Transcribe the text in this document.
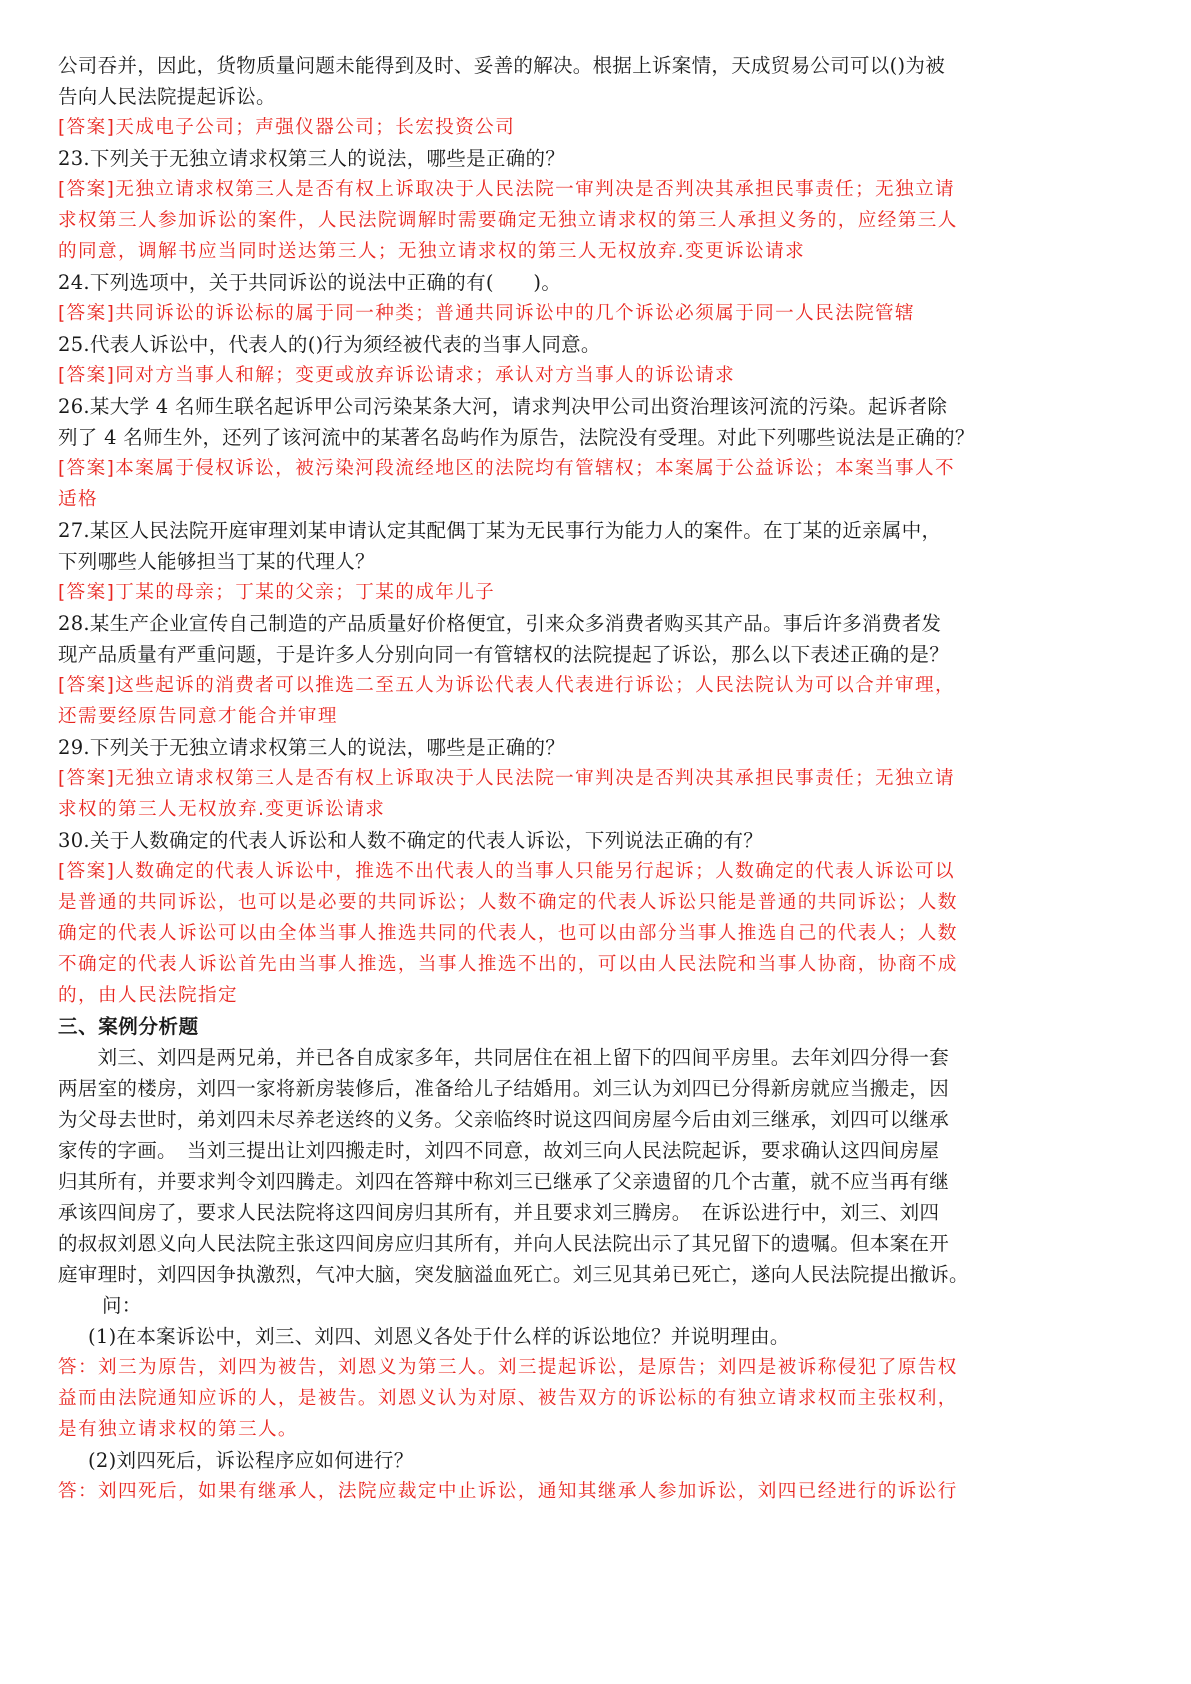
公司吞并，因此，货物质量问题未能得到及时、妥善的解决。根据上诉案情，天成贸易公司可以()为被
告向人民法院提起诉讼。
[答案]天成电子公司；声强仪器公司；长宏投资公司
23.下列关于无独立请求权第三人的说法，哪些是正确的？
[答案]无独立请求权第三人是否有权上诉取决于人民法院一审判决是否判决其承担民事责任；无独立请
求权第三人参加诉讼的案件，人民法院调解时需要确定无独立请求权的第三人承担义务的，应经第三人
的同意，调解书应当同时送达第三人；无独立请求权的第三人无权放弃.变更诉讼请求
24.下列选项中，关于共同诉讼的说法中正确的有(　　)。
[答案]共同诉讼的诉讼标的属于同一种类；普通共同诉讼中的几个诉讼必须属于同一人民法院管辖
25.代表人诉讼中，代表人的()行为须经被代表的当事人同意。
[答案]同对方当事人和解；变更或放弃诉讼请求；承认对方当事人的诉讼请求
26.某大学 4 名师生联名起诉甲公司污染某条大河，请求判决甲公司出资治理该河流的污染。起诉者除
列了 4 名师生外，还列了该河流中的某著名岛屿作为原告，法院没有受理。对此下列哪些说法是正确的？
[答案]本案属于侵权诉讼，被污染河段流经地区的法院均有管辖权；本案属于公益诉讼；本案当事人不
适格
27.某区人民法院开庭审理刘某申请认定其配偶丁某为无民事行为能力人的案件。在丁某的近亲属中，
下列哪些人能够担当丁某的代理人？
[答案]丁某的母亲；丁某的父亲；丁某的成年儿子
28.某生产企业宣传自己制造的产品质量好价格便宜，引来众多消费者购买其产品。事后许多消费者发
现产品质量有严重问题，于是许多人分别向同一有管辖权的法院提起了诉讼，那么以下表述正确的是？
[答案]这些起诉的消费者可以推选二至五人为诉讼代表人代表进行诉讼；人民法院认为可以合并审理，
还需要经原告同意才能合并审理
29.下列关于无独立请求权第三人的说法，哪些是正确的？
[答案]无独立请求权第三人是否有权上诉取决于人民法院一审判决是否判决其承担民事责任；无独立请
求权的第三人无权放弃.变更诉讼请求
30.关于人数确定的代表人诉讼和人数不确定的代表人诉讼，下列说法正确的有？
[答案]人数确定的代表人诉讼中，推选不出代表人的当事人只能另行起诉；人数确定的代表人诉讼可以
是普通的共同诉讼，也可以是必要的共同诉讼；人数不确定的代表人诉讼只能是普通的共同诉讼；人数
确定的代表人诉讼可以由全体当事人推选共同的代表人，也可以由部分当事人推选自己的代表人；人数
不确定的代表人诉讼首先由当事人推选，当事人推选不出的，可以由人民法院和当事人协商，协商不成
的，由人民法院指定
三、案例分析题
　　刘三、刘四是两兄弟，并已各自成家多年，共同居住在祖上留下的四间平房里。去年刘四分得一套
两居室的楼房，刘四一家将新房装修后，准备给儿子结婚用。刘三认为刘四已分得新房就应当搬走，因
为父母去世时，弟刘四未尽养老送终的义务。父亲临终时说这四间房屋今后由刘三继承，刘四可以继承
家传的字画。　当刘三提出让刘四搬走时，刘四不同意，故刘三向人民法院起诉，要求确认这四间房屋
归其所有，并要求判令刘四腾走。刘四在答辩中称刘三已继承了父亲遗留的几个古董，就不应当再有继
承该四间房了，要求人民法院将这四间房归其所有，并且要求刘三腾房。　在诉讼进行中，刘三、刘四
的叔叔刘恩义向人民法院主张这四间房应归其所有，并向人民法院出示了其兄留下的遗嘱。但本案在开
庭审理时，刘四因争执激烈，气冲大脑，突发脑溢血死亡。刘三见其弟已死亡，遂向人民法院提出撤诉。
问：
(1)在本案诉讼中，刘三、刘四、刘恩义各处于什么样的诉讼地位？并说明理由。
答：刘三为原告，刘四为被告，刘恩义为第三人。刘三提起诉讼，是原告；刘四是被诉称侵犯了原告权
益而由法院通知应诉的人，是被告。刘恩义认为对原、被告双方的诉讼标的有独立请求权而主张权利，
是有独立请求权的第三人。
(2)刘四死后，诉讼程序应如何进行？
答：刘四死后，如果有继承人，法院应裁定中止诉讼，通知其继承人参加诉讼，刘四已经进行的诉讼行
